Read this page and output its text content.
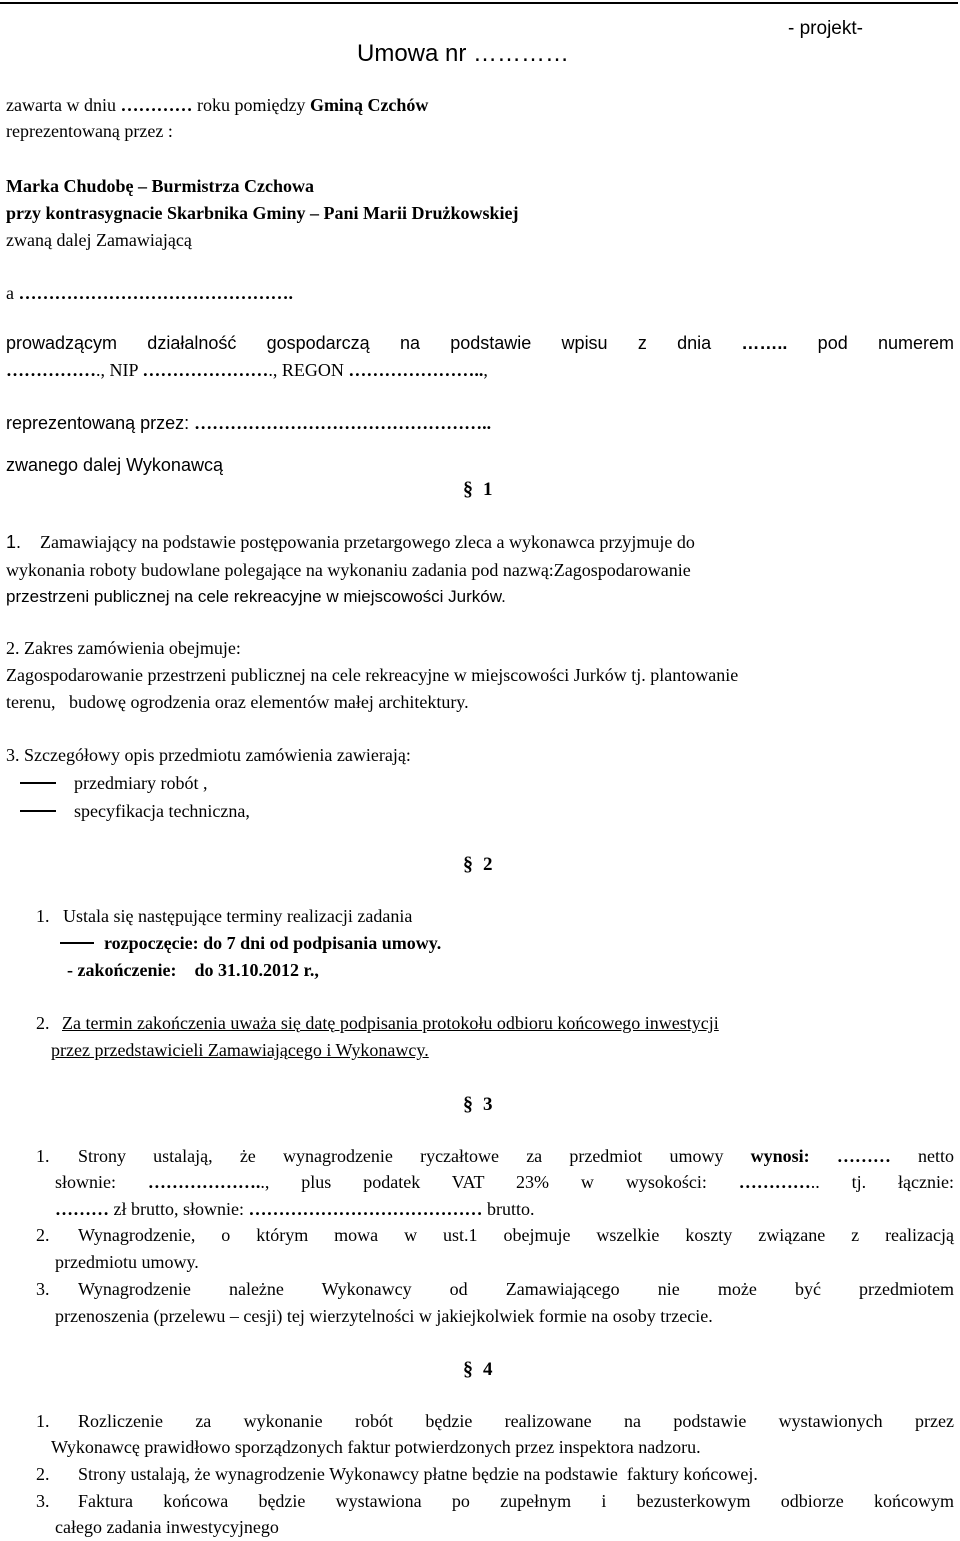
Umowa nr …………
- projekt-
zawarta w dniu ………… roku pomiędzy Gminą Czchów
reprezentowaną przez :
Marka Chudobę – Burmistrza Czchowa
przy kontrasygnacie Skarbnika Gminy – Pani Marii Drużkowskiej
zwaną dalej Zamawiającą
a ……………………………………….
prowadzącym działalność gospodarczą na podstawie wpisu z dnia …….. pod numerem
……………., NIP …………………., REGON …………………..,
reprezentowaną przez: …………………………………………..
zwanego dalej Wykonawcą
§ 1
1. Zamawiający na podstawie postępowania przetargowego zleca a wykonawca przyjmuje do
wykonania roboty budowlane polegające na wykonaniu zadania pod nazwą:Zagospodarowanie
przestrzeni publicznej na cele rekreacyjne w miejscowości Jurków.
2. Zakres zamówienia obejmuje:
Zagospodarowanie przestrzeni publicznej na cele rekreacyjne w miejscowości Jurków tj. plantowanie
terenu,   budowę ogrodzenia oraz elementów małej architektury.
3. Szczegółowy opis przedmiotu zamówienia zawierają:
przedmiary robót ,
specyfikacja techniczna,
§ 2
1.   Ustala się następujące terminy realizacji zadania
rozpoczęcie: do 7 dni od podpisania umowy.
- zakończenie:    do 31.10.2012 r.,
2. Za termin zakończenia uważa się datę podpisania protokołu odbioru końcowego inwestycji
przez przedstawicieli Zamawiającego i Wykonawcy.
§ 3
1. Strony ustalają, że wynagrodzenie ryczałtowe za przedmiot umowy wynosi: ……… netto
słownie: ……………….., plus podatek VAT 23% w wysokości: ………….. tj. łącznie:
……… zł brutto, słownie: ………………………………… brutto.
2. Wynagrodzenie, o którym mowa w ust.1 obejmuje wszelkie koszty związane z realizacją
przedmiotu umowy.
3. Wynagrodzenie należne Wykonawcy od Zamawiającego nie może być przedmiotem
przenoszenia (przelewu – cesji) tej wierzytelności w jakiejkolwiek formie na osoby trzecie.
§ 4
1. Rozliczenie za wykonanie robót będzie realizowane na podstawie wystawionych przez
Wykonawcę prawidłowo sporządzonych faktur potwierdzonych przez inspektora nadzoru.
2. Strony ustalają, że wynagrodzenie Wykonawcy płatne będzie na podstawie  faktury końcowej.
3. Faktura końcowa będzie wystawiona po zupełnym i bezusterkowym odbiorze końcowym
całego zadania inwestycyjnego
